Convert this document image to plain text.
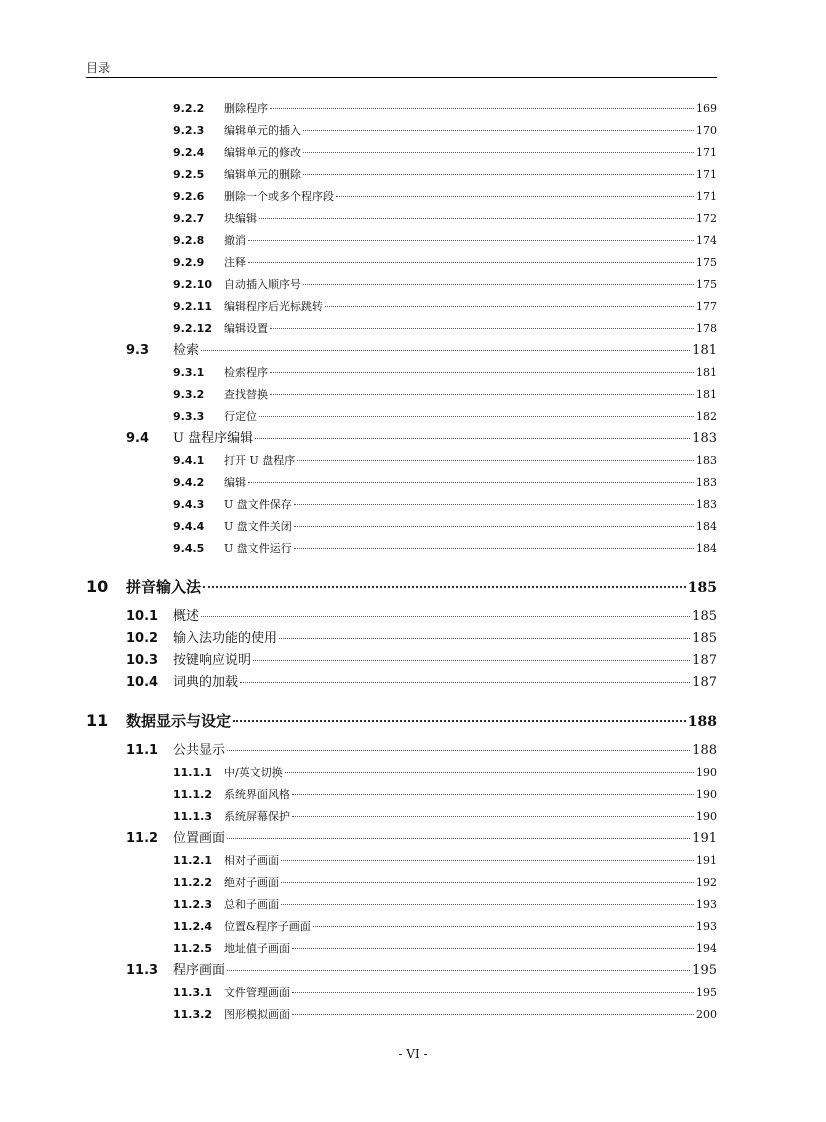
目录
9.2.2	删除程序	169
9.2.3	编辑单元的插入	170
9.2.4	编辑单元的修改	171
9.2.5	编辑单元的删除	171
9.2.6	删除一个或多个程序段	171
9.2.7	块编辑	172
9.2.8	撤消	174
9.2.9	注释	175
9.2.10	自动插入顺序号	175
9.2.11	编辑程序后光标跳转	177
9.2.12	编辑设置	178
9.3	检索	181
9.3.1	检索程序	181
9.3.2	查找替换	181
9.3.3	行定位	182
9.4	U 盘程序编辑	183
9.4.1	打开 U 盘程序	183
9.4.2	编辑	183
9.4.3	U 盘文件保存	183
9.4.4	U 盘文件关闭	184
9.4.5	U 盘文件运行	184
10	拼音输入法	185
10.1	概述	185
10.2	输入法功能的使用	185
10.3	按键响应说明	187
10.4	词典的加载	187
11	数据显示与设定	188
11.1	公共显示	188
11.1.1	中/英文切换	190
11.1.2	系统界面风格	190
11.1.3	系统屏幕保护	190
11.2	位置画面	191
11.2.1	相对子画面	191
11.2.2	绝对子画面	192
11.2.3	总和子画面	193
11.2.4	位置&程序子画面	193
11.2.5	地址值子画面	194
11.3	程序画面	195
11.3.1	文件管理画面	195
11.3.2	图形模拟画面	200
- VI -
